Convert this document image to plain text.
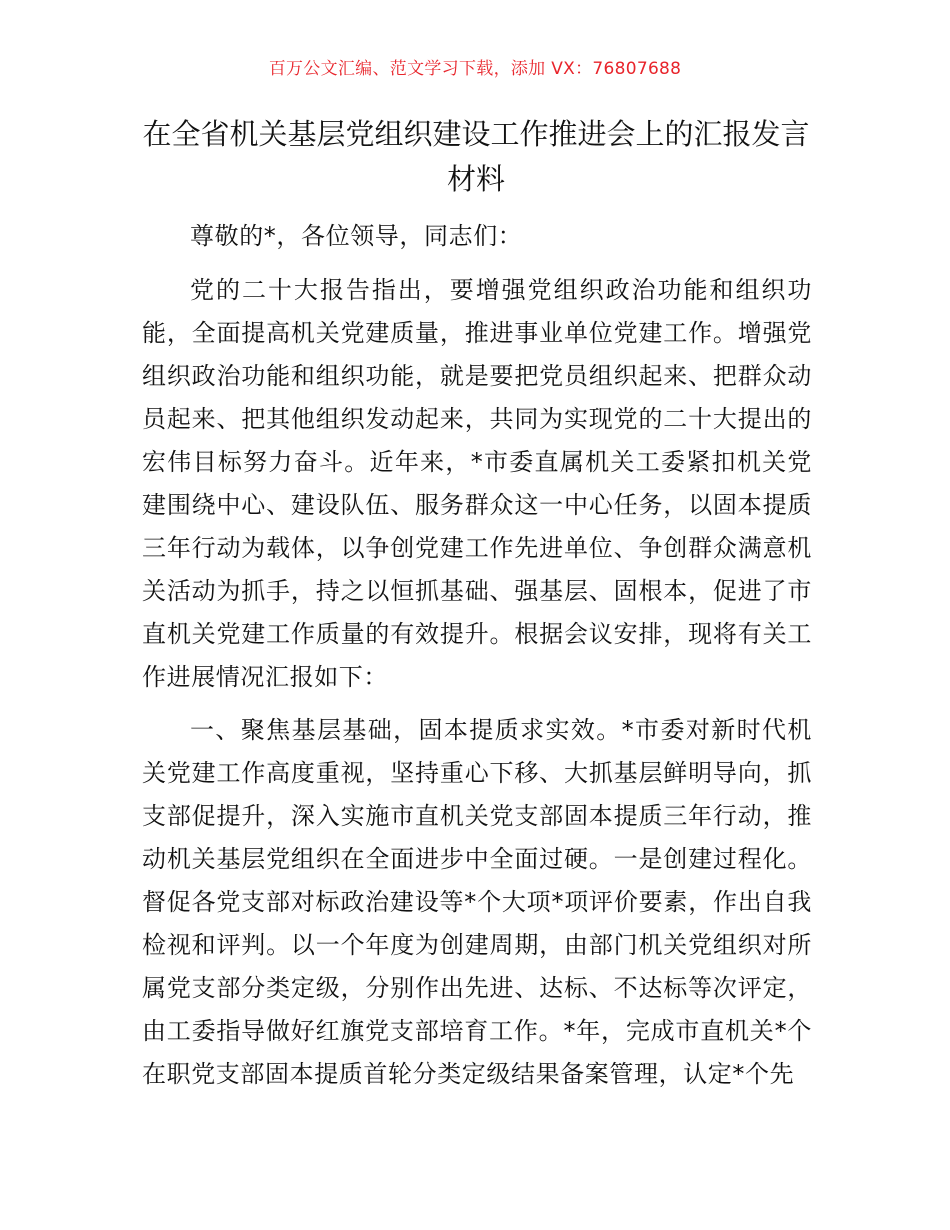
百万公文汇编、范文学习下载，添加 VX：76807688
在全省机关基层党组织建设工作推进会上的汇报发言材料

尊敬的*，各位领导，同志们：

党的二十大报告指出，要增强党组织政治功能和组织功能，全面提高机关党建质量，推进事业单位党建工作。增强党组织政治功能和组织功能，就是要把党员组织起来、把群众动员起来、把其他组织发动起来，共同为实现党的二十大提出的宏伟目标努力奋斗。近年来，*市委直属机关工委紧扣机关党建围绕中心、建设队伍、服务群众这一中心任务，以固本提质三年行动为载体，以争创党建工作先进单位、争创群众满意机关活动为抓手，持之以恒抓基础、强基层、固根本，促进了市直机关党建工作质量的有效提升。根据会议安排，现将有关工作进展情况汇报如下：

一、聚焦基层基础，固本提质求实效。*市委对新时代机关党建工作高度重视，坚持重心下移、大抓基层鲜明导向，抓支部促提升，深入实施市直机关党支部固本提质三年行动，推动机关基层党组织在全面进步中全面过硬。一是创建过程化。督促各党支部对标政治建设等*个大项*项评价要素，作出自我检视和评判。以一个年度为创建周期，由部门机关党组织对所属党支部分类定级，分别作出先进、达标、不达标等次评定，由工委指导做好红旗党支部培育工作。*年，完成市直机关*个在职党支部固本提质首轮分类定级结果备案管理，认定*个先
